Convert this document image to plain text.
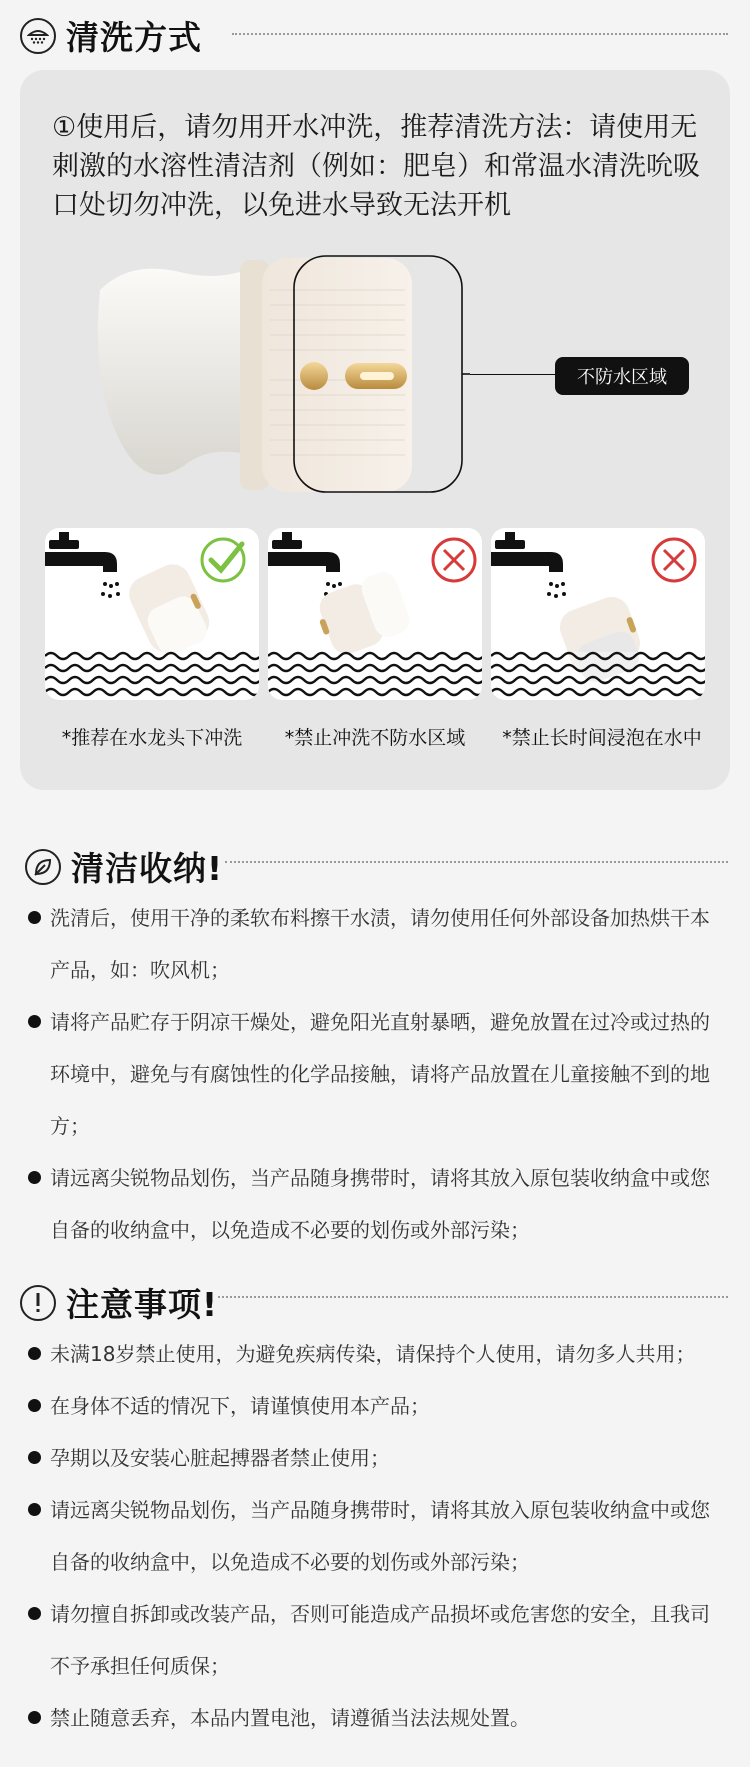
清洗方式
①使用后，请勿用开水冲洗，推荐清洗方法：请使用无刺激的水溶性清洁剂（例如：肥皂）和常温水清洗吮吸口处切勿冲洗，以免进水导致无法开机
不防水区域
*推荐在水龙头下冲洗	*禁止冲洗不防水区域	*禁止长时间浸泡在水中
清洁收纳!
洗清后，使用干净的柔软布料擦干水渍，请勿使用任何外部设备加热烘干本产品，如：吹风机；
请将产品贮存于阴凉干燥处，避免阳光直射暴晒，避免放置在过冷或过热的环境中，避免与有腐蚀性的化学品接触，请将产品放置在儿童接触不到的地方；
请远离尖锐物品划伤，当产品随身携带时，请将其放入原包装收纳盒中或您自备的收纳盒中，以免造成不必要的划伤或外部污染；
注意事项!
未满18岁禁止使用，为避免疾病传染，请保持个人使用，请勿多人共用；
在身体不适的情况下，请谨慎使用本产品；
孕期以及安装心脏起搏器者禁止使用；
请远离尖锐物品划伤，当产品随身携带时，请将其放入原包装收纳盒中或您自备的收纳盒中，以免造成不必要的划伤或外部污染；
请勿擅自拆卸或改装产品，否则可能造成产品损坏或危害您的安全，且我司不予承担任何质保；
禁止随意丢弃，本品内置电池，请遵循当法法规处置。
